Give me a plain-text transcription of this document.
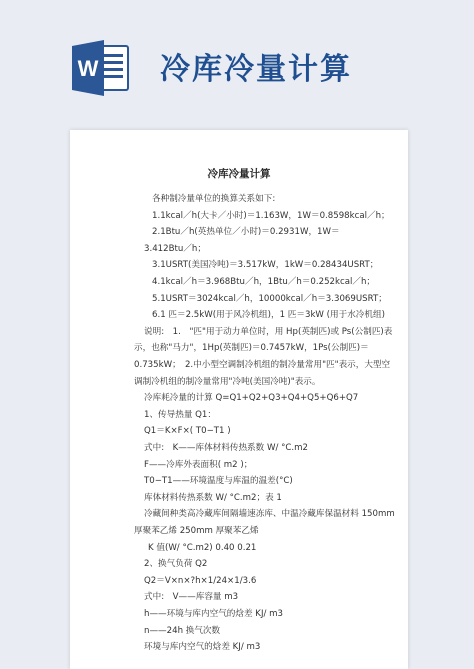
W 冷库冷量计算
冷库冷量计算
各种制冷量单位的换算关系如下:
1.1kcal／h(大卡／小时)＝1.163W，1W＝0.8598kcal／h；
2.1Btu／h(英热单位／小时)＝0.2931W，1W＝
3.412Btu／h；
3.1USRT(美国冷吨)＝3.517kW，1kW＝0.28434USRT；
4.1kcal／h＝3.968Btu／h，1Btu／h＝0.252kcal／h；
5.1USRT＝3024kcal／h，10000kcal／h＝3.3069USRT；
6.1 匹＝2.5kW(用于风冷机组)，1 匹＝3kW (用于水冷机组)
说明:　1.　"匹"用于动力单位时，用 Hp(英制匹)或 Ps(公制匹)表
示，也称"马力"，1Hp(英制匹)＝0.7457kW，1Ps(公制匹)＝
0.735kW；　2.中小型空调制冷机组的制冷量常用"匹"表示，大型空
调制冷机组的制冷量常用"冷吨(美国冷吨)"表示。
冷库耗冷量的计算 Q=Q1+Q2+Q3+Q4+Q5+Q6+Q7
1、传导热量 Q1：
Q1＝K×F×( T0−T1 )
式中:　K——库体材料传热系数 W/ °C.m2
F——冷库外表面积( m2 )；
T0−T1——环境温度与库温的温差(°C)
库体材料传热系数 W/ °C.m2；表 1
冷藏间种类高冷藏库间隔墙速冻库、中温冷藏库保温材料 150mm
厚聚苯乙烯 250mm 厚聚苯乙烯
K 值(W/ °C.m2) 0.40 0.21
2、换气负荷 Q2
Q2＝V×n×?h×1/24×1/3.6
式中:　V——库容量 m3
h——环境与库内空气的焓差 KJ/ m3
n——24h 换气次数
环境与库内空气的焓差 KJ/ m3
